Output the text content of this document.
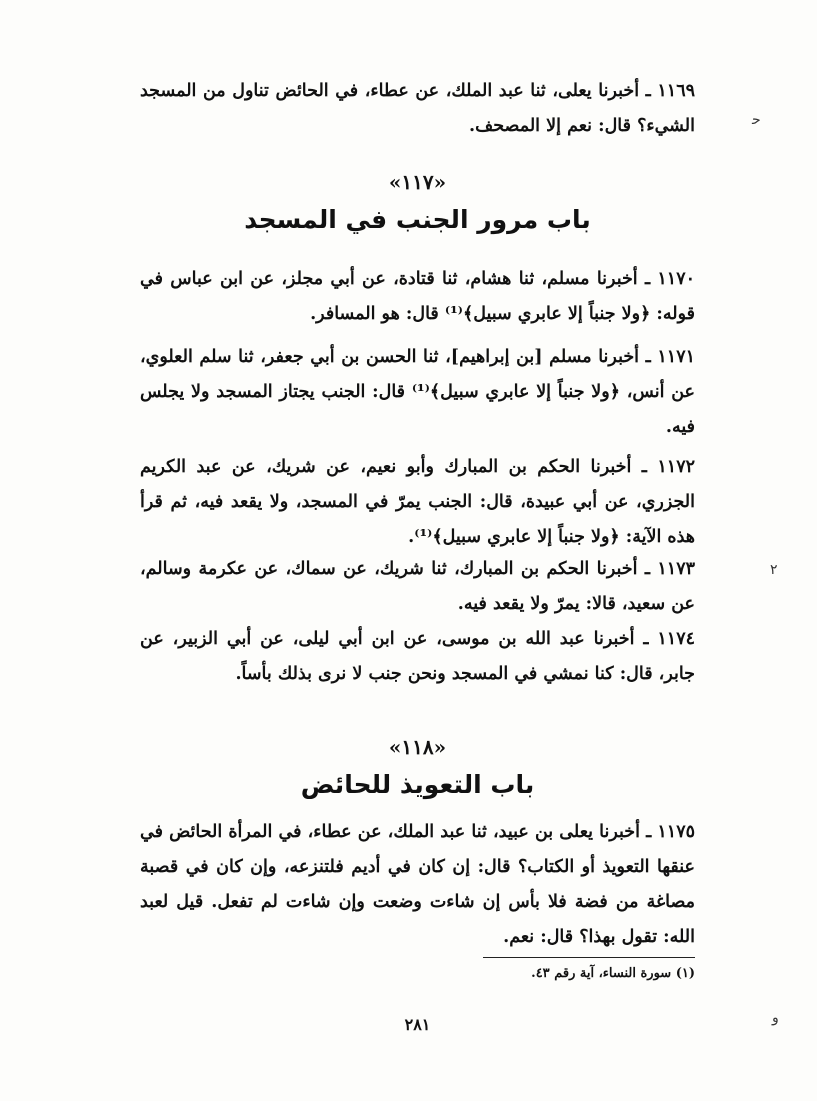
١١٦٩ ـ أخبرنا يعلى، ثنا عبد الملك، عن عطاء، في الحائض تناول من المسجد الشيء؟ قال: نعم إلا المصحف.

«١١٧»
باب مرور الجنب في المسجد

١١٧٠ ـ أخبرنا مسلم، ثنا هشام، ثنا قتادة، عن أبي مجلز، عن ابن عباس في قوله: ﴿ولا جنباً إلا عابري سبيل﴾⁽¹⁾ قال: هو المسافر.

١١٧١ ـ أخبرنا مسلم [بن إبراهيم]، ثنا الحسن بن أبي جعفر، ثنا سلم العلوي، عن أنس، ﴿ولا جنباً إلا عابري سبيل﴾⁽¹⁾ قال: الجنب يجتاز المسجد ولا يجلس فيه.

١١٧٢ ـ أخبرنا الحكم بن المبارك وأبو نعيم، عن شريك، عن عبد الكريم الجزري، عن أبي عبيدة، قال: الجنب يمرّ في المسجد، ولا يقعد فيه، ثم قرأ هذه الآية: ﴿ولا جنباً إلا عابري سبيل﴾⁽¹⁾.

١١٧٣ ـ أخبرنا الحكم بن المبارك، ثنا شريك، عن سماك، عن عكرمة وسالم، عن سعيد، قالا: يمرّ ولا يقعد فيه.

١١٧٤ ـ أخبرنا عبد الله بن موسى، عن ابن أبي ليلى، عن أبي الزبير، عن جابر، قال: كنا نمشي في المسجد ونحن جنب لا نرى بذلك بأساً.

«١١٨»
باب التعويذ للحائض

١١٧٥ ـ أخبرنا يعلى بن عبيد، ثنا عبد الملك، عن عطاء، في المرأة الحائض في عنقها التعويذ أو الكتاب؟ قال: إن كان في أديم فلتنزعه، وإن كان في قصبة مصاغة من فضة فلا بأس إن شاءت وضعت وإن شاءت لم تفعل. قيل لعبد الله: تقول بهذا؟ قال: نعم.

(١) سورة النساء، آية رقم ٤٣.
٢٨١
ﺣ
٢
و
